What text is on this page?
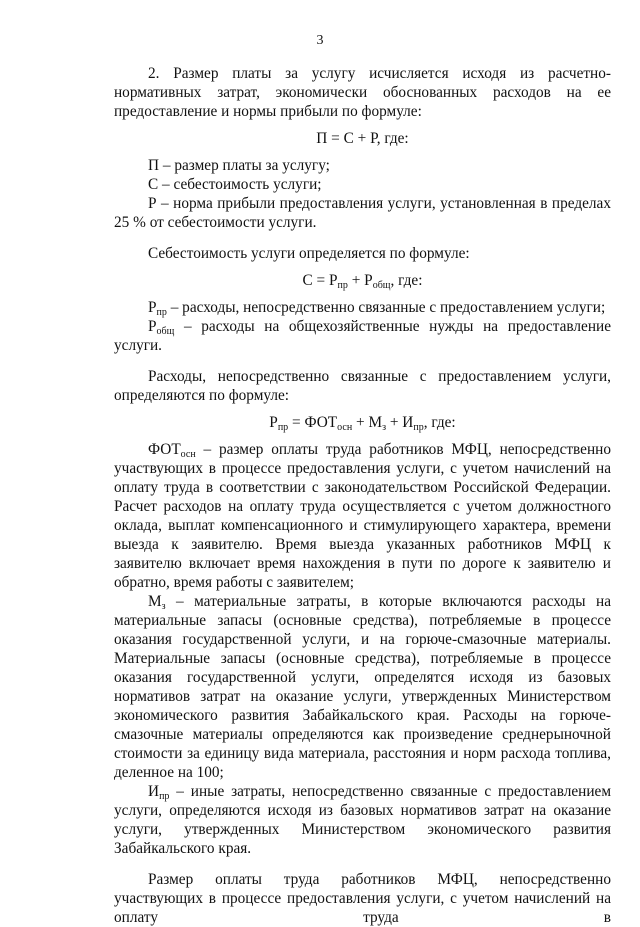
3

2. Размер платы за услугу исчисляется исходя из расчетно-нормативных затрат, экономически обоснованных расходов на ее предоставление и нормы прибыли по формуле:

П = С + Р, где:

П – размер платы за услугу;

С – себестоимость услуги;

Р – норма прибыли предоставления услуги, установленная в пределах 25 % от себестоимости услуги.

Себестоимость услуги определяется по формуле:

$С = Р_{пр} + Р_{общ}$, где:

$Р_{пр}$ – расходы, непосредственно связанные с предоставлением услуги;

$Р_{общ}$ – расходы на общехозяйственные нужды на предоставление услуги.

Расходы, непосредственно связанные с предоставлением услуги, определяются по формуле:

$Р_{пр} = ФОТ_{осн} + М_з + И_{пр}$, где:

$ФОТ_{осн}$ – размер оплаты труда работников МФЦ, непосредственно участвующих в процессе предоставления услуги, с учетом начислений на оплату труда в соответствии с законодательством Российской Федерации. Расчет расходов на оплату труда осуществляется с учетом должностного оклада, выплат компенсационного и стимулирующего характера, времени выезда к заявителю. Время выезда указанных работников МФЦ к заявителю включает время нахождения в пути по дороге к заявителю и обратно, время работы с заявителем;

$М_з$ – материальные затраты, в которые включаются расходы на материальные запасы (основные средства), потребляемые в процессе оказания государственной услуги, и на горюче-смазочные материалы. Материальные запасы (основные средства), потребляемые в процессе оказания государственной услуги, определятся исходя из базовых нормативов затрат на оказание услуги, утвержденных Министерством экономического развития Забайкальского края. Расходы на горюче-смазочные материалы определяются как произведение среднерыночной стоимости за единицу вида материала, расстояния и норм расхода топлива, деленное на 100;

$И_{пр}$ – иные затраты, непосредственно связанные с предоставлением услуги, определяются исходя из базовых нормативов затрат на оказание услуги, утвержденных Министерством экономического развития Забайкальского края.

Размер оплаты труда работников МФЦ, непосредственно участвующих в процессе предоставления услуги, с учетом начислений на оплату труда в
